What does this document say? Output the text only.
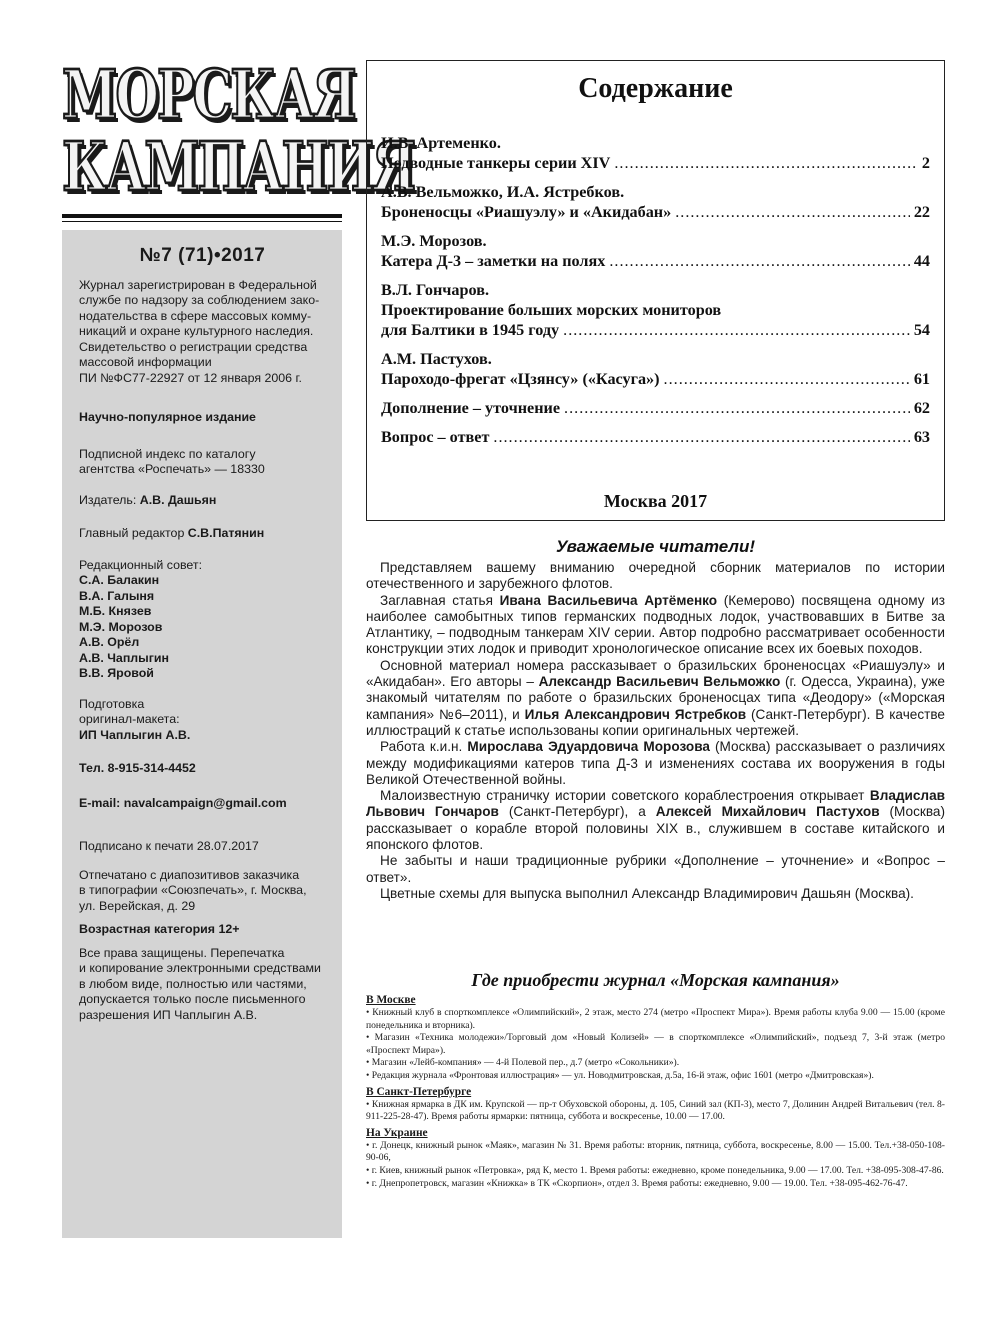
МОРСКАЯ
КАМПАНИЯ
№7 (71)•2017
Журнал зарегистрирован в Федеральной
службе по надзору за соблюдением зако-
нодательства в сфере массовых комму-
никаций и охране культурного наследия.
Свидетельство о регистрации средства
массовой информации
ПИ №ФС77-22927 от 12 января 2006 г.
Научно-популярное издание
Подписной индекс по каталогу
агентства «Роспечать» — 18330
Издатель: А.В. Дашьян
Главный редактор С.В.Патянин
Редакционный совет:
С.А. Балакин
В.А. Галыня
М.Б. Князев
М.Э. Морозов
А.В. Орёл
А.В. Чаплыгин
В.В. Яровой
Подготовка
оригинал-макета:
ИП Чаплыгин А.В.
Тел. 8-915-314-4452
E-mail: navalcampaign@gmail.com
Подписано к печати 28.07.2017
Отпечатано с диапозитивов заказчика
в типографии «Союзпечать», г. Москва,
ул. Верейская, д. 29
Возрастная категория 12+
Все права защищены. Перепечатка
и копирование электронными средствами
в любом виде, полностью или частями,
допускается только после письменного
разрешения ИП Чаплыгин А.В.
Содержание
И.В. Артеменко.
Подводные танкеры серии XIV .....	2
А.В. Вельможко, И.А. Ястребков.
Броненосцы «Риашуэлу» и «Акидабан» .....	22
М.Э. Морозов.
Катера Д-3 – заметки на полях .....	44
В.Л. Гончаров.
Проектирование больших морских мониторов
для Балтики в 1945 году .....	54
А.М. Пастухов.
Пароходо-фрегат «Цзянсу» («Касуга») .....	61
Дополнение – уточнение .....	62
Вопрос – ответ .....	63
Москва 2017
Уважаемые читатели!

Представляем вашему вниманию очередной сборник материалов по истории отечественного и зарубежного флотов.

Заглавная статья Ивана Васильевича Артёменко (Кемерово) посвящена одному из наиболее самобытных типов германских подводных лодок, участвовавших в Битве за Атлантику, – подводным танкерам XIV серии. Автор подробно рассматривает особенности конструкции этих лодок и приводит хронологическое описание всех их боевых походов.

Основной материал номера рассказывает о бразильских броненосцах «Риашуэлу» и «Акидабан». Его авторы – Александр Васильевич Вельможко (г. Одесса, Украина), уже знакомый читателям по работе о бразильских броненосцах типа «Деодору» («Морская кампания» №6–2011), и Илья Александрович Ястребков (Санкт-Петербург). В качестве иллюстраций к статье использованы копии оригинальных чертежей.

Работа к.и.н. Мирослава Эдуардовича Морозова (Москва) рассказывает о различиях между модификациями катеров типа Д-3 и изменениях состава их вооружения в годы Великой Отечественной войны.

Малоизвестную страничку истории советского кораблестроения открывает Владислав Львович Гончаров (Санкт-Петербург), а Алексей Михайлович Пастухов (Москва) рассказывает о корабле второй половины XIX в., служившем в составе китайского и японского флотов.

Не забыты и наши традиционные рубрики «Дополнение – уточнение» и «Вопрос – ответ».

Цветные схемы для выпуска выполнил Александр Владимирович Дашьян (Москва).

Где приобрести журнал «Морская кампания»
В Москве

• Книжный клуб в спорткомплексе «Олимпийский», 2 этаж, место 274 (метро «Проспект Мира»). Время работы клуба 9.00 — 15.00 (кроме понедельника и вторника).

• Магазин «Техника молодежи»/Торговый дом «Новый Колизей» — в спорткомплексе «Олимпийский», подъезд 7, 3-й этаж (метро «Проспект Мира»).

• Магазин «Лейб-компания» — 4-й Полевой пер., д.7 (метро «Сокольники»).

• Редакция журнала «Фронтовая иллюстрация» — ул. Новодмитровская, д.5а, 16-й этаж, офис 1601 (метро «Дмитровская»).

В Санкт-Петербурге

• Книжная ярмарка в ДК им. Крупской — пр-т Обуховской обороны, д. 105, Синий зал (КП-3), место 7, Долинин Андрей Витальевич (тел. 8-911-225-28-47). Время работы ярмарки: пятница, суббота и воскресенье, 10.00 — 17.00.

На Украине

• г. Донецк, книжный рынок «Маяк», магазин № 31. Время работы: вторник, пятница, суббота, воскресенье, 8.00 — 15.00. Тел.+38-050-108-90-06,

• г. Киев, книжный рынок «Петровка», ряд К, место 1. Время работы: ежедневно, кроме понедельника, 9.00 — 17.00. Тел. +38-095-308-47-86.

• г. Днепропетровск, магазин «Книжка» в ТК «Скорпион», отдел 3. Время работы: ежедневно, 9.00 — 19.00. Тел. +38-095-462-76-47.
